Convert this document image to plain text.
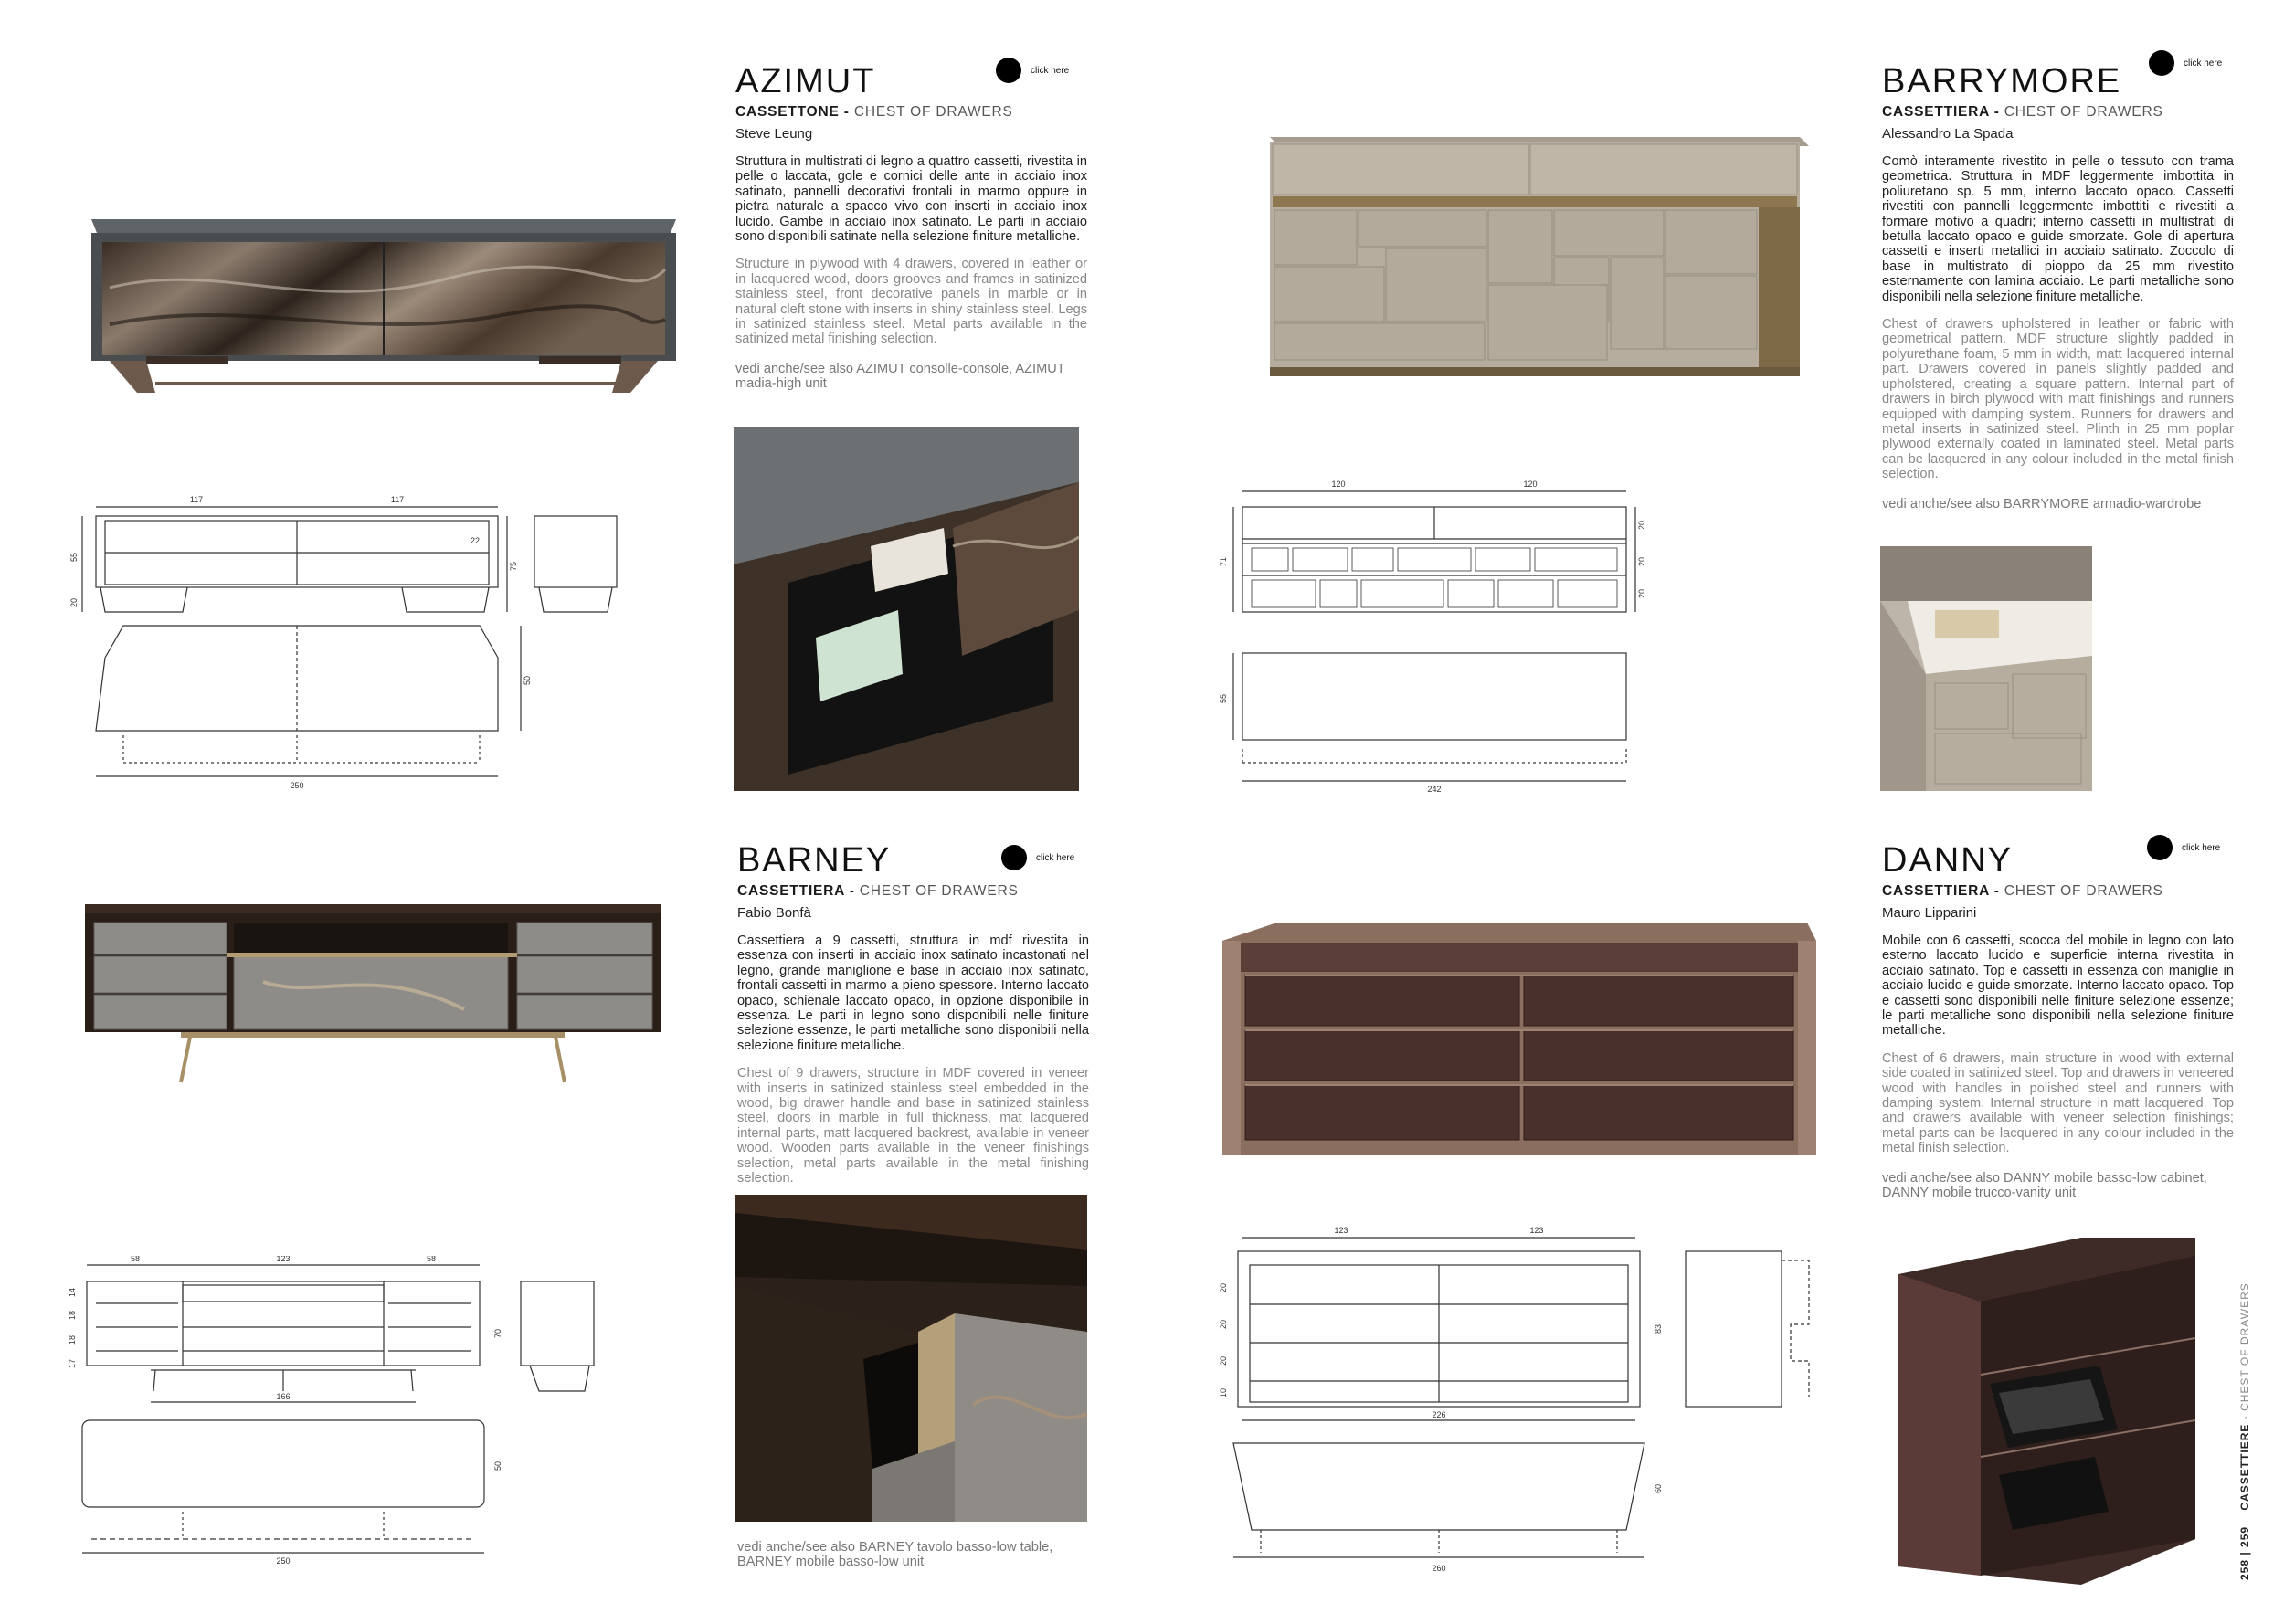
AZIMUT
CASSETTONE - CHEST OF DRAWERS
Steve Leung
Struttura in multistrati di legno a quattro cassetti, rivestita in pelle o laccata, gole e cornici delle ante in acciaio inox satinato, pannelli decorativi frontali in marmo oppure in pietra naturale a spacco vivo con inserti in acciaio inox lucido. Gambe in acciaio inox satinato. Le parti in acciaio sono disponibili satinate nella selezione finiture metalliche.
Structure in plywood with 4 drawers, covered in leather or in lacquered wood, doors grooves and frames in satinized stainless steel, front decorative panels in marble or in natural cleft stone with inserts in shiny stainless steel. Legs in satinized stainless steel. Metal parts available in the satinized metal finishing selection.
vedi anche/see also AZIMUT consolle-console, AZIMUT madia-high unit
click here
117	117
55
20
75
22
50
250
BARRYMORE
CASSETTIERA - CHEST OF DRAWERS
Alessandro La Spada
Comò interamente rivestito in pelle o tessuto con trama geometrica. Struttura in MDF leggermente imbottita in poliuretano sp. 5 mm, interno laccato opaco. Cassetti rivestiti con pannelli leggermente imbottiti e rivestiti a formare motivo a quadri; interno cassetti in multistrati di betulla laccato opaco e guide smorzate. Gole di apertura cassetti e inserti metallici in acciaio satinato. Zoccolo di base in multistrato di pioppo da 25 mm rivestito esternamente con lamina acciaio. Le parti metalliche sono disponibili nella selezione finiture metalliche.
Chest of drawers upholstered in leather or fabric with geometrical pattern. MDF structure slightly padded in polyurethane foam, 5 mm in width, matt lacquered internal part. Drawers covered in panels slightly padded and upholstered, creating a square pattern. Internal part of drawers in birch plywood with matt finishings and runners equipped with damping system. Runners for drawers and metal inserts in satinized steel. Plinth in 25 mm poplar plywood externally coated in laminated steel. Metal parts can be lacquered in any colour included in the metal finish selection.
vedi anche/see also BARRYMORE armadio-wardrobe
click here
120	120
71
20
20
20
55
242
BARNEY
CASSETTIERA - CHEST OF DRAWERS
Fabio Bonfà
Cassettiera a 9 cassetti, struttura in mdf rivestita in essenza con inserti in acciaio inox satinato incastonati nel legno, grande maniglione e base in acciaio inox satinato, frontali cassetti in marmo a pieno spessore. Interno laccato opaco, schienale laccato opaco, in opzione disponibile in essenza. Le parti in legno sono disponibili nelle finiture selezione essenze, le parti metalliche sono disponibili nella selezione finiture metalliche.
Chest of 9 drawers, structure in MDF covered in veneer with inserts in satinized stainless steel embedded in the wood, big drawer handle and base in satinized stainless steel, doors in marble in full thickness, mat lacquered internal parts, matt lacquered backrest, available in veneer wood. Wooden parts available in the veneer finishings selection, metal parts available in the metal finishing selection.
click here
vedi anche/see also BARNEY tavolo basso-low table, BARNEY mobile basso-low unit
58	123	58
14
18
18
17
70
166
50
250
DANNY
CASSETTIERA - CHEST OF DRAWERS
Mauro Lipparini
Mobile con 6 cassetti, scocca del mobile in legno con lato esterno laccato lucido e superficie interna rivestita in acciaio satinato. Top e cassetti in essenza con maniglie in acciaio lucido e guide smorzate. Interno laccato opaco. Top e cassetti sono disponibili nelle finiture selezione essenze; le parti metalliche sono disponibili nella selezione finiture metalliche.
Chest of 6 drawers, main structure in wood with external side coated in satinized steel. Top and drawers in veneered wood with handles in polished steel and runners with damping system. Internal structure in matt lacquered. Top and drawers available with veneer selection finishings; metal parts can be lacquered in any colour included in the metal finish selection.
vedi anche/see also DANNY mobile basso-low cabinet, DANNY mobile trucco-vanity unit
click here
123	123
20
20
20
10
83
226
60
260	258 | 259    CASSETTIERE - CHEST OF DRAWERS
